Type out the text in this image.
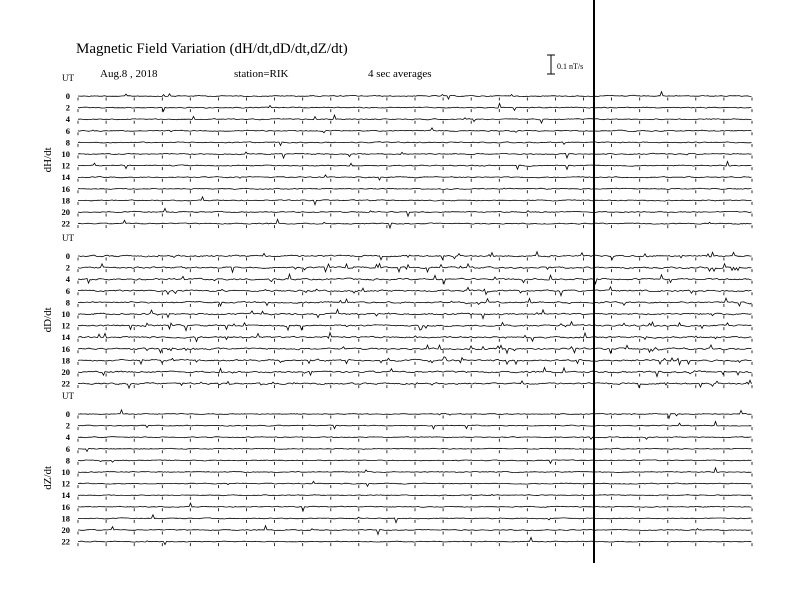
Magnetic Field Variation (dH/dt,dD/dt,dZ/dt)
Aug.8 , 2018	station=RIK	4 sec averages
0.1 nT/s
UT
dH/dt
0
2
4
6
8
10
12
14
16
18
20
22
UT
dD/dt
0
2
4
6
8
10
12
14
16
18
20
22
UT
dZ/dt
0
2
4
6
8
10
12
14
16
18
20
22
